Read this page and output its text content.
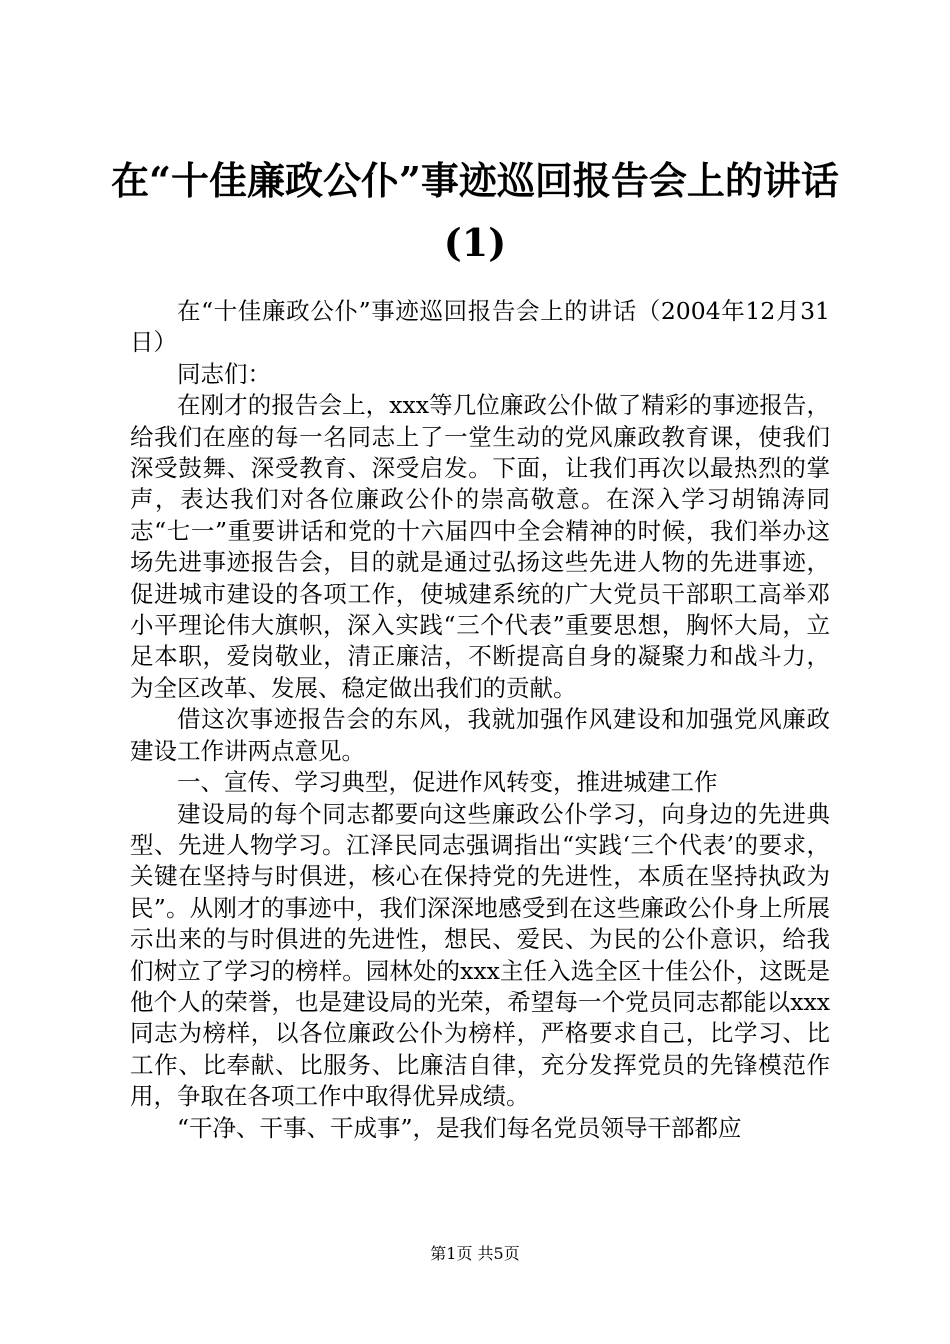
在“十佳廉政公仆”事迹巡回报告会上的讲话
(1)

在“十佳廉政公仆”事迹巡回报告会上的讲话（2004年12月31日）

同志们：

在刚才的报告会上，xxx等几位廉政公仆做了精彩的事迹报告，给我们在座的每一名同志上了一堂生动的党风廉政教育课，使我们深受鼓舞、深受教育、深受启发。下面，让我们再次以最热烈的掌声，表达我们对各位廉政公仆的崇高敬意。在深入学习胡锦涛同志“七一”重要讲话和党的十六届四中全会精神的时候，我们举办这场先进事迹报告会，目的就是通过弘扬这些先进人物的先进事迹，促进城市建设的各项工作，使城建系统的广大党员干部职工高举邓小平理论伟大旗帜，深入实践“三个代表”重要思想，胸怀大局，立足本职，爱岗敬业，清正廉洁，不断提高自身的凝聚力和战斗力，为全区改革、发展、稳定做出我们的贡献。

借这次事迹报告会的东风，我就加强作风建设和加强党风廉政建设工作讲两点意见。

一、宣传、学习典型，促进作风转变，推进城建工作

建设局的每个同志都要向这些廉政公仆学习，向身边的先进典型、先进人物学习。江泽民同志强调指出“实践‘三个代表’的要求，关键在坚持与时俱进，核心在保持党的先进性，本质在坚持执政为民”。从刚才的事迹中，我们深深地感受到在这些廉政公仆身上所展示出来的与时俱进的先进性，想民、爱民、为民的公仆意识，给我们树立了学习的榜样。园林处的xxx主任入选全区十佳公仆，这既是他个人的荣誉，也是建设局的光荣，希望每一个党员同志都能以xxx同志为榜样，以各位廉政公仆为榜样，严格要求自己，比学习、比工作、比奉献、比服务、比廉洁自律，充分发挥党员的先锋模范作用，争取在各项工作中取得优异成绩。

“干净、干事、干成事”，是我们每名党员领导干部都应

第1页 共5页
